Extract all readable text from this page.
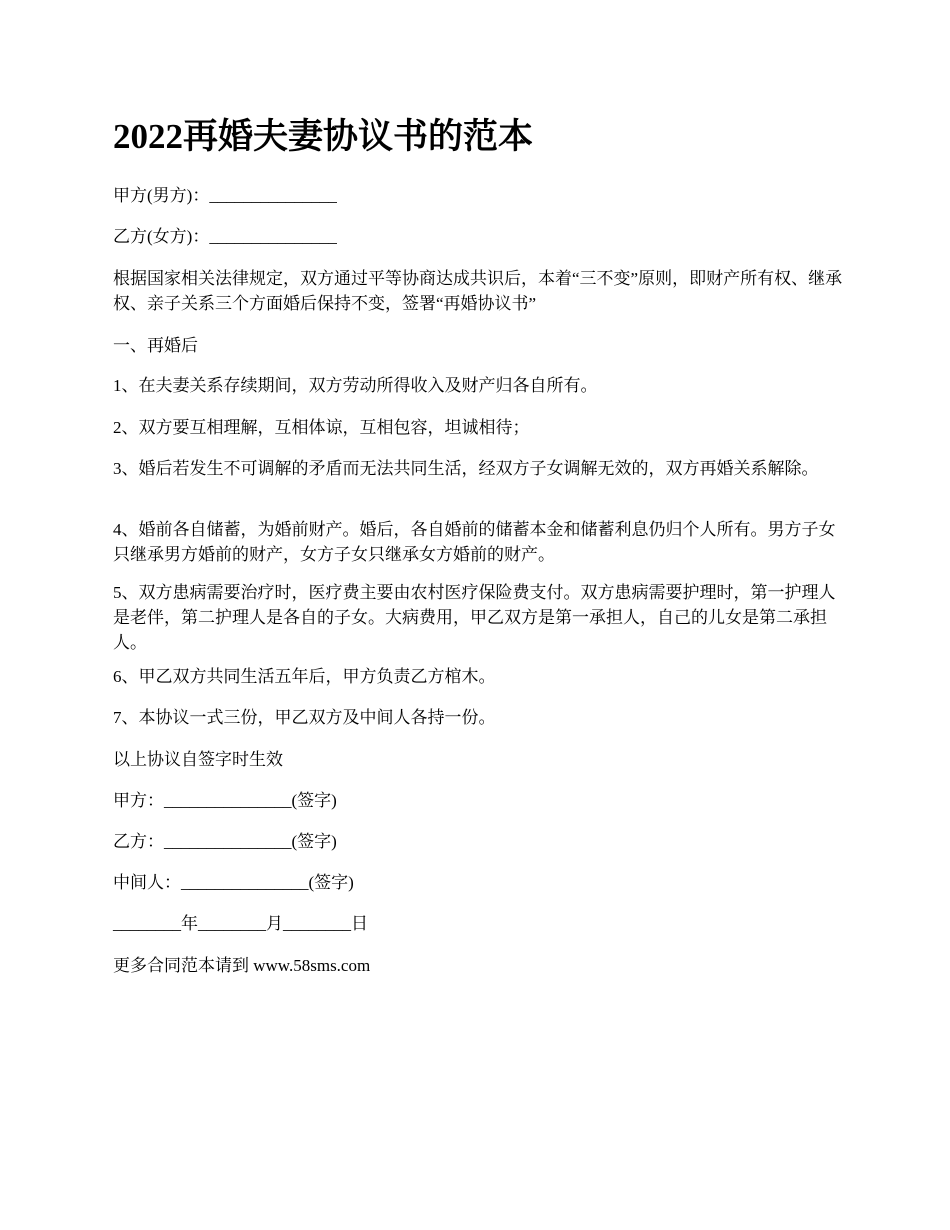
2022再婚夫妻协议书的范本

甲方(男方)：_______________

乙方(女方)：_______________

根据国家相关法律规定，双方通过平等协商达成共识后，本着“三不变”原则，即财产所有权、继承权、亲子关系三个方面婚后保持不变，签署“再婚协议书”

一、再婚后

1、在夫妻关系存续期间，双方劳动所得收入及财产归各自所有。

2、双方要互相理解，互相体谅，互相包容，坦诚相待；

3、婚后若发生不可调解的矛盾而无法共同生活，经双方子女调解无效的，双方再婚关系解除。

4、婚前各自储蓄，为婚前财产。婚后，各自婚前的储蓄本金和储蓄利息仍归个人所有。男方子女只继承男方婚前的财产，女方子女只继承女方婚前的财产。

5、双方患病需要治疗时，医疗费主要由农村医疗保险费支付。双方患病需要护理时，第一护理人是老伴，第二护理人是各自的子女。大病费用，甲乙双方是第一承担人，自己的儿女是第二承担人。

6、甲乙双方共同生活五年后，甲方负责乙方棺木。

7、本协议一式三份，甲乙双方及中间人各持一份。

以上协议自签字时生效

甲方：_______________(签字)

乙方：_______________(签字)

中间人：_______________(签字)

________年________月________日

更多合同范本请到 www.58sms.com
